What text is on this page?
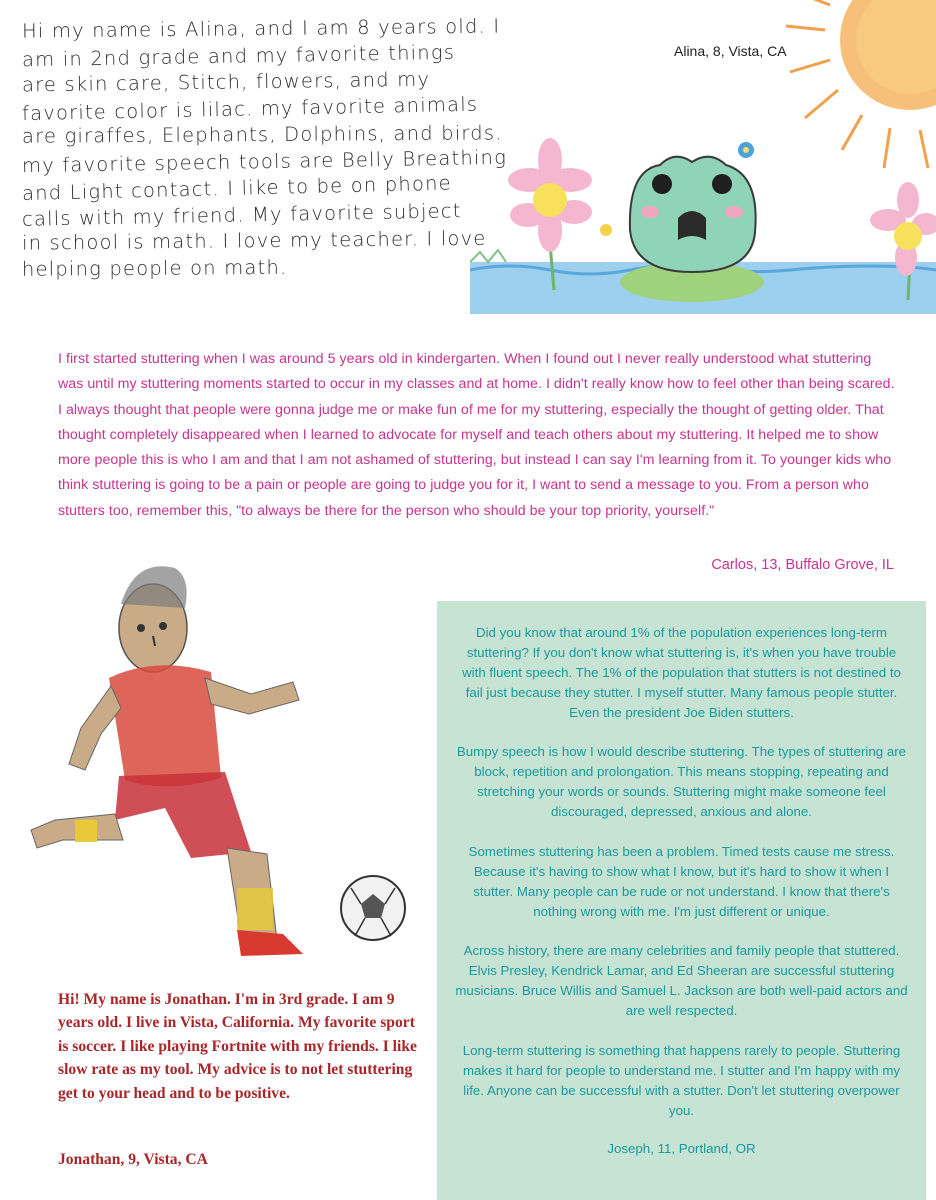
Hi my name is Alina, and I am 8 years old. I
am in 2nd grade and my favorite things
are skin care, Stitch, flowers, and my
favorite color is lilac. my favorite animals
are giraffes, Elephants, Dolphins, and birds.
my favorite speech tools are Belly Breathing
and Light contact. I like to be on phone
calls with my friend. My favorite subject
in school is math. I love my teacher. I love
helping people on math.
Alina, 8, Vista, CA
I first started stuttering when I was around 5 years old in kindergarten. When I found out I never really understood what stuttering was until my stuttering moments started to occur in my classes and at home. I didn't really know how to feel other than being scared. I always thought that people were gonna judge me or make fun of me for my stuttering, especially the thought of getting older. That thought completely disappeared when I learned to advocate for myself and teach others about my stuttering. It helped me to show more people this is who I am and that I am not ashamed of stuttering, but instead I can say I'm learning from it. To younger kids who think stuttering is going to be a pain or people are going to judge you for it, I want to send a message to you. From a person who stutters too, remember this, "to always be there for the person who should be your top priority, yourself."
Carlos, 13, Buffalo Grove, IL

Did you know that around 1% of the population experiences long-term stuttering? If you don't know what stuttering is, it's when you have trouble with fluent speech. The 1% of the population that stutters is not destined to fail just because they stutter. I myself stutter. Many famous people stutter. Even the president Joe Biden stutters.

Bumpy speech is how I would describe stuttering. The types of stuttering are block, repetition and prolongation. This means stopping, repeating and stretching your words or sounds. Stuttering might make someone feel discouraged, depressed, anxious and alone.

Sometimes stuttering has been a problem. Timed tests cause me stress. Because it's having to show what I know, but it's hard to show it when I stutter. Many people can be rude or not understand. I know that there's nothing wrong with me. I'm just different or unique.

Across history, there are many celebrities and family people that stuttered. Elvis Presley, Kendrick Lamar, and Ed Sheeran are successful stuttering musicians. Bruce Willis and Samuel L. Jackson are both well-paid actors and are well respected.

Long-term stuttering is something that happens rarely to people. Stuttering makes it hard for people to understand me. I stutter and I'm happy with my life. Anyone can be successful with a stutter. Don't let stuttering overpower you.

Joseph, 11, Portland, OR
Hi! My name is Jonathan. I'm in 3rd grade. I am 9 years old. I live in Vista, California. My favorite sport is soccer. I like playing Fortnite with my friends. I like slow rate as my tool. My advice is to not let stuttering get to your head and to be positive.
Jonathan, 9, Vista, CA
